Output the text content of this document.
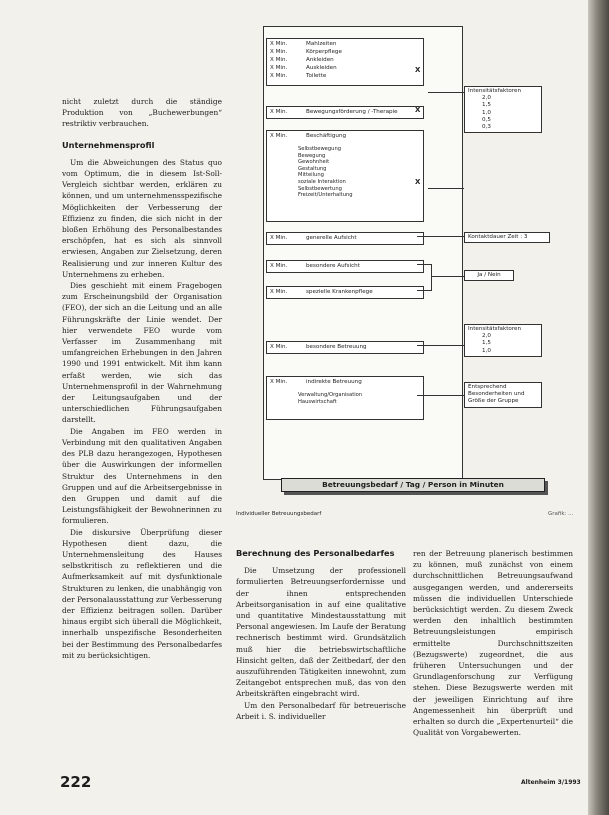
nicht zuletzt durch die ständige Produktion von „Buchewerbungen“ restriktiv verbrauchen.

Unternehmensprofil

Um die Abweichungen des Status quo vom Optimum, die in diesem Ist-Soll-Vergleich sichtbar werden, erklären zu können, und um unternehmensspezifische Möglichkeiten der Verbesserung der Effizienz zu finden, die sich nicht in der bloßen Erhöhung des Personalbestandes erschöpfen, hat es sich als sinnvoll erwiesen, Angaben zur Zielsetzung, deren Realisierung und zur inneren Kultur des Unternehmens zu erheben.

Dies geschieht mit einem Fragebogen zum Erscheinungsbild der Organisation (FEO), der sich an die Leitung und an alle Führungskräfte der Linie wendet. Der hier verwendete FEO wurde vom Verfasser im Zusammenhang mit umfangreichen Erhebungen in den Jahren 1990 und 1991 entwickelt. Mit ihm kann erfaßt werden, wie sich das Unternehmensprofil in der Wahrnehmung der Leitungsaufgaben und der unterschiedlichen Führungsaufgaben darstellt.

Die Angaben im FEO werden in Verbindung mit den qualitativen Angaben des PLB dazu herangezogen, Hypothesen über die Auswirkungen der informellen Struktur des Unternehmens in den Gruppen und auf die Arbeitsergebnisse in den Gruppen und damit auf die Leistungsfähigkeit der Bewohnerinnen zu formulieren.

Die diskursive Überprüfung dieser Hypothesen dient dazu, die Unternehmensleitung des Hauses selbstkritisch zu reflektieren und die Aufmerksamkeit auf mit dysfunktionale Strukturen zu lenken, die unabhängig von der Personalausstattung zur Verbesserung der Effizienz beitragen sollen. Darüber hinaus ergibt sich überall die Möglichkeit, innerhalb unspezifische Besonderheiten bei der Bestimmung des Personalbedarfes mit zu berücksichtigen.

X Min.	Mahlzeiten
X Min.	Körperpflege
X Min.	Ankleiden
X Min.	Auskleiden
X Min.	Toilette
X
X Min.	Bewegungsförderung / -Therapie X
X Min.	Beschäftigung
Selbstbewegung
Bewegung
Gewohnheit
Gestaltung
Mitteilung
soziale Interaktion
Selbstbewertung
Freizeit/Unterhaltung
X
X Min.	generelle Aufsicht
X Min.	besondere Aufsicht
X Min.	spezielle Krankenpflege
X Min.	besondere Betreuung
X Min.	indirekte Betreuung
Verwaltung/Organisation
Hauswirtschaft
Intensitätsfaktoren
2,0
1,5
1,0
0,5
0,3
Kontaktdauer Zeit : 3
Ja / Nein
Intensitätsfaktoren
2,0
1,5
1,0
Entsprechend Besonderheiten und Größe der Gruppe
Betreuungsbedarf / Tag / Person in Minuten
Individueller Betreuungsbedarf	Grafik: ...
Berechnung des Personalbedarfes

Die Umsetzung der professionell formulierten Betreuungserfordernisse und der ihnen entsprechenden Arbeitsorganisation in auf eine qualitative und quantitative Mindestausstattung mit Personal angewiesen. Im Laufe der Beratung rechnerisch bestimmt wird. Grundsätzlich muß hier die betriebswirtschaftliche Hinsicht gelten, daß der Zeitbedarf, der den auszuführenden Tätigkeiten innewohnt, zum Zeitangebot entsprechen muß, das von den Arbeitskräften eingebracht wird.

Um den Personalbedarf für betreuerische Arbeit i. S. individueller

ren der Betreuung planerisch bestimmen zu können, muß zunächst von einem durchschnittlichen Betreuungsaufwand ausgegangen werden, und andererseits müssen die individuellen Unterschiede berücksichtigt werden. Zu diesem Zweck werden den inhaltlich bestimmten Betreuungsleistungen empirisch ermittelte Durchschnittszeiten (Bezugswerte) zugeordnet, die aus früheren Untersuchungen und der Grundlagenforschung zur Verfügung stehen. Diese Bezugswerte werden mit der jeweiligen Einrichtung auf ihre Angemessenheit hin überprüft und erhalten so durch die „Expertenurteil“ die Qualität von Vorgabewerten.

222	Altenheim 3/1993
